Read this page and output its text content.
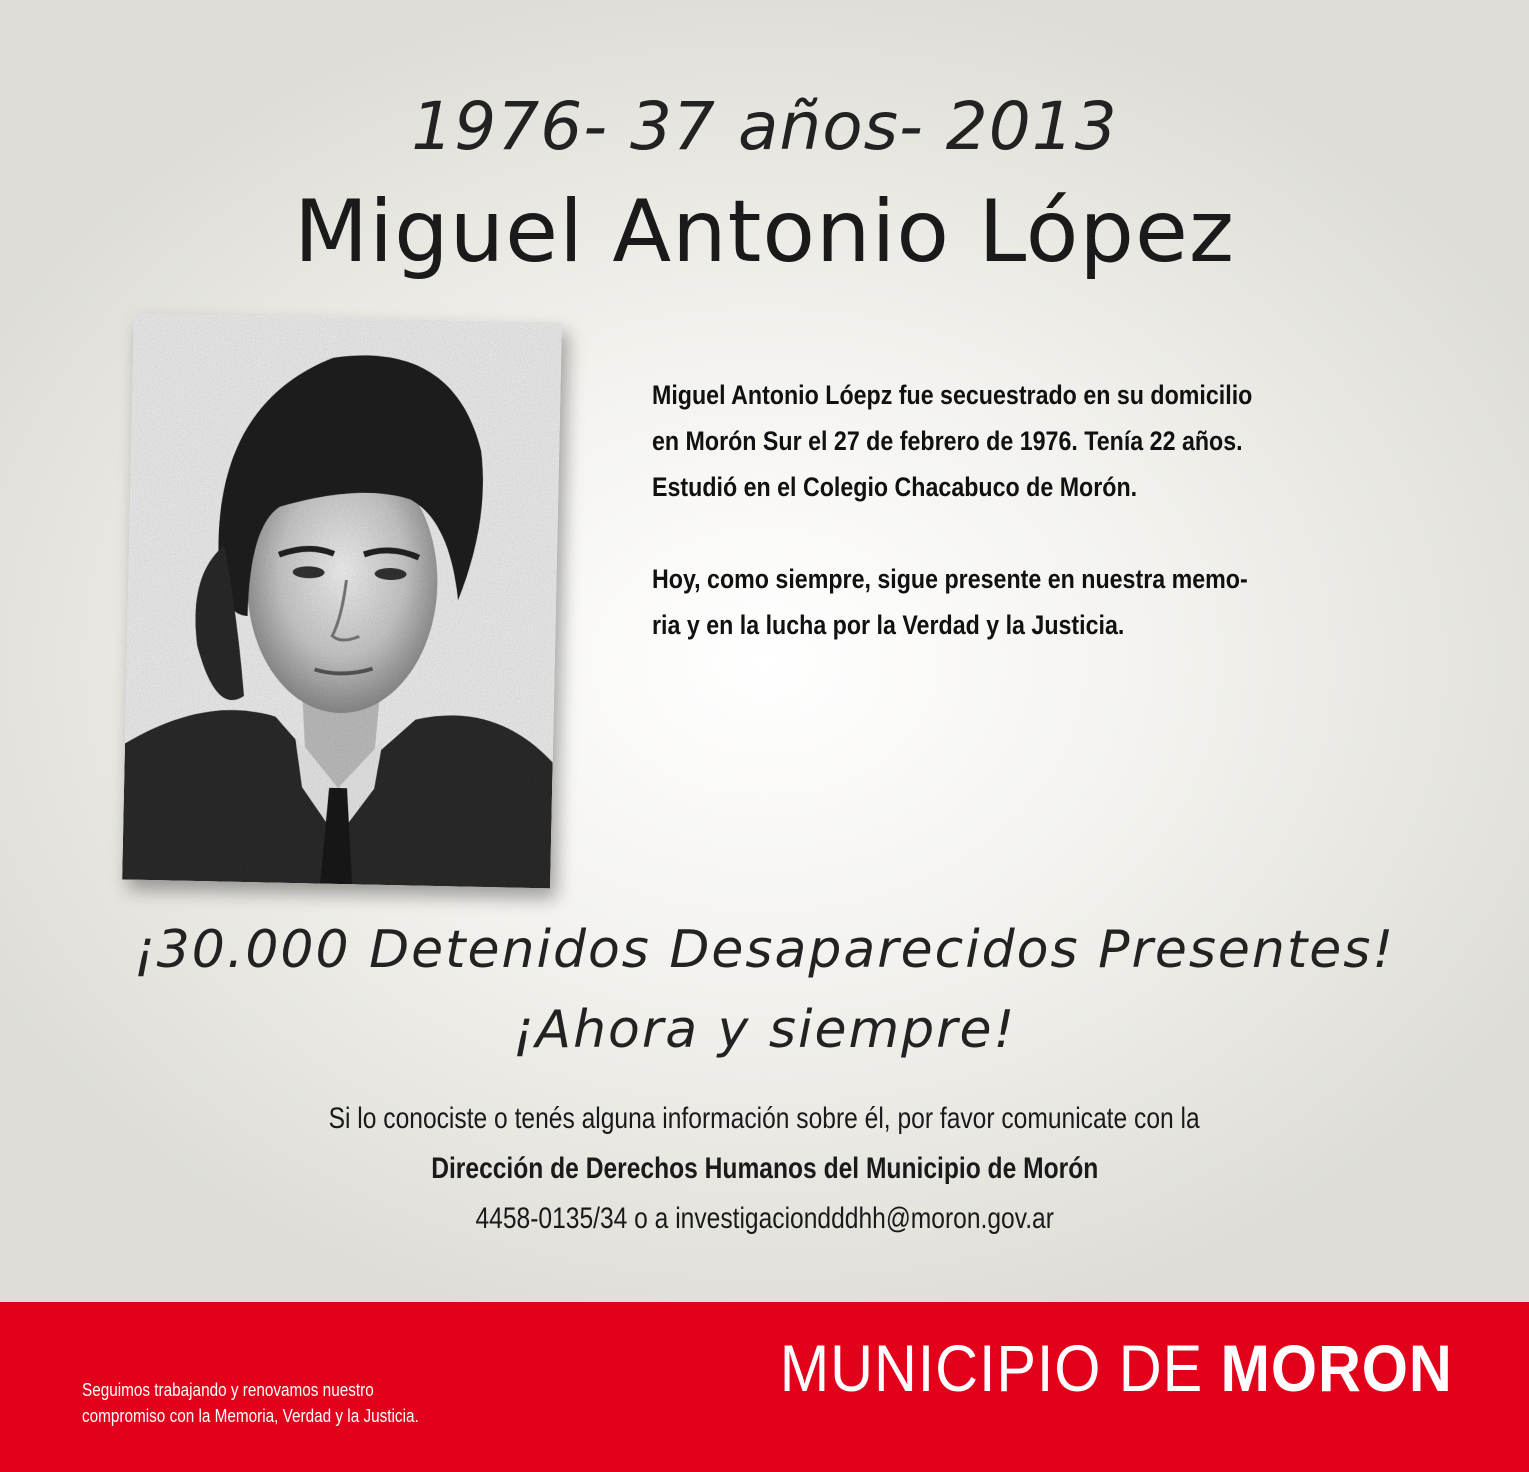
1976- 37 años- 2013
Miguel Antonio López

Miguel Antonio Lóepz fue secuestrado en su domicilio
en Morón Sur el 27 de febrero de 1976. Tenía 22 años.
Estudió en el Colegio Chacabuco de Morón.

Hoy, como siempre, sigue presente en nuestra memo-
ria y en la lucha por la Verdad y la Justicia.

¡30.000 Detenidos Desaparecidos Presentes!
¡Ahora y siempre!
Si lo conociste o tenés alguna información sobre él, por favor comunicate con la
Dirección de Derechos Humanos del Municipio de Morón
4458-0135/34 o a investigaciondddhh@moron.gov.ar
Seguimos trabajando y renovamos nuestro
compromiso con la Memoria, Verdad y la Justicia.
MUNICIPIO DE MORON
